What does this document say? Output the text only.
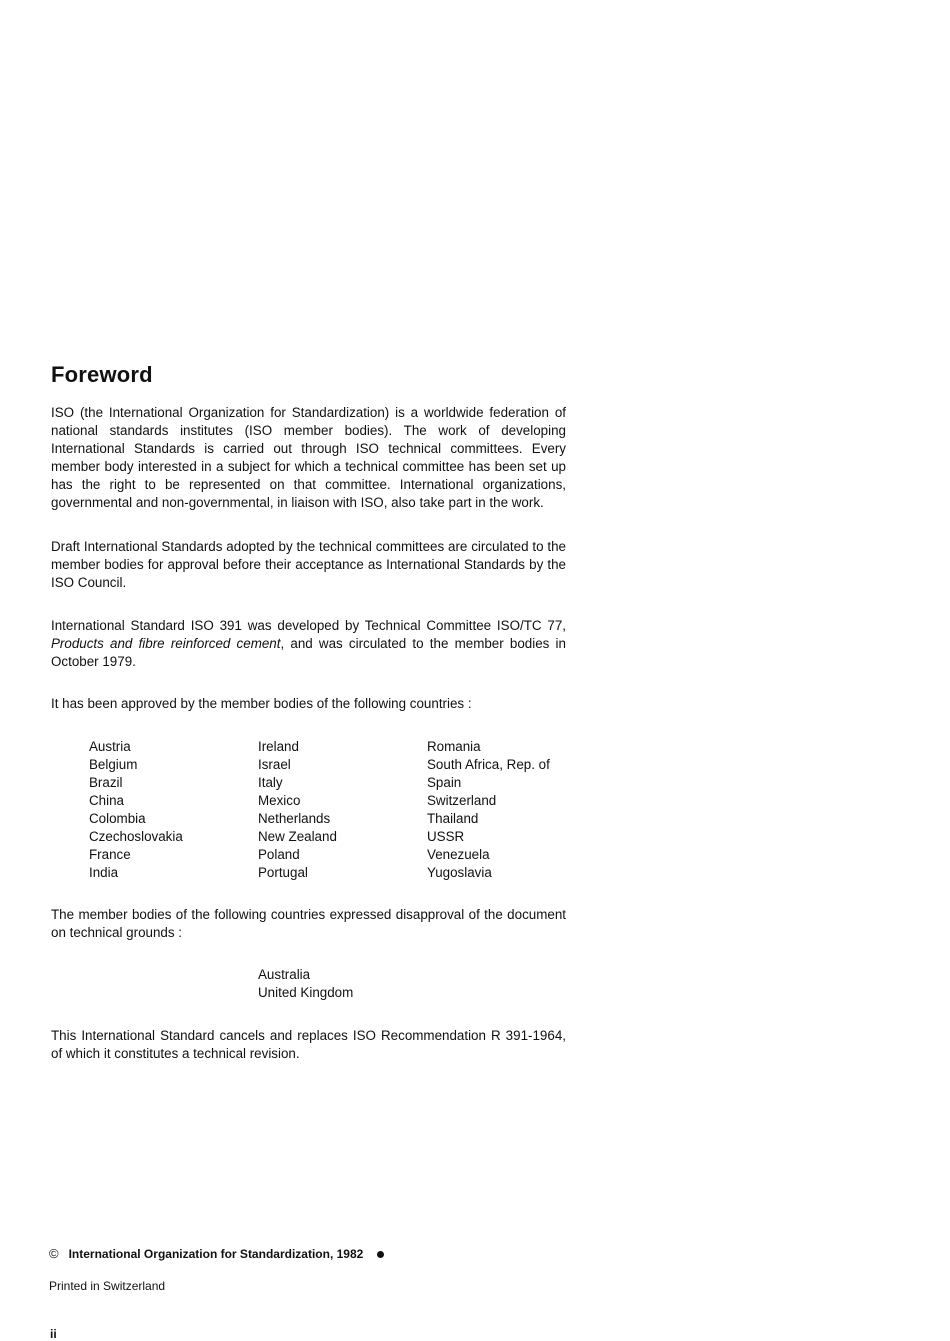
Foreword

ISO (the International Organization for Standardization) is a worldwide federation of national standards institutes (ISO member bodies). The work of developing International Standards is carried out through ISO technical committees. Every member body interested in a subject for which a technical committee has been set up has the right to be represented on that committee. International organizations, governmental and non-governmental, in liaison with ISO, also take part in the work.

Draft International Standards adopted by the technical committees are circulated to the member bodies for approval before their acceptance as International Standards by the ISO Council.

International Standard ISO 391 was developed by Technical Committee ISO/TC 77, Products and fibre reinforced cement, and was circulated to the member bodies in October 1979.

It has been approved by the member bodies of the following countries :

Austria
Belgium
Brazil
China
Colombia
Czechoslovakia
France
India
Ireland
Israel
Italy
Mexico
Netherlands
New Zealand
Poland
Portugal
Romania
South Africa, Rep. of
Spain
Switzerland
Thailand
USSR
Venezuela
Yugoslavia

The member bodies of the following countries expressed disapproval of the document on technical grounds :

Australia
United Kingdom

This International Standard cancels and replaces ISO Recommendation R 391-1964, of which it constitutes a technical revision.

© International Organization for Standardization, 1982
Printed in Switzerland
ii
